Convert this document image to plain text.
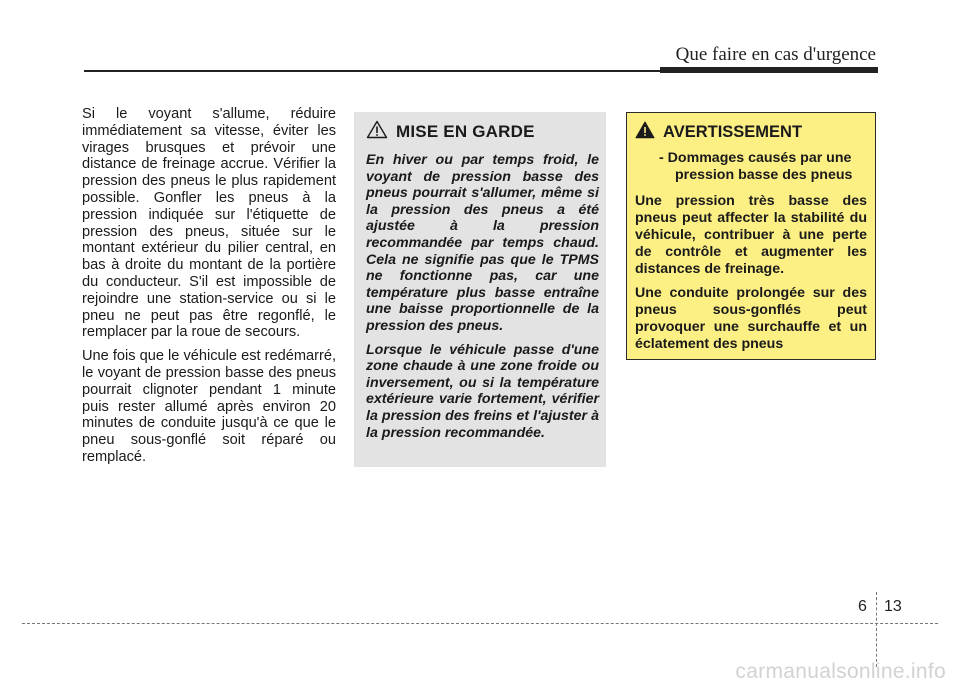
Que faire en cas d'urgence

Si le voyant s'allume, réduire immédiatement sa vitesse, éviter les virages brusques et prévoir une distance de freinage accrue. Vérifier la pression des pneus le plus rapidement possible. Gonfler les pneus à la pression indiquée sur l'étiquette de pression des pneus, située sur le montant extérieur du pilier central, en bas à droite du montant de la portière du conducteur. S'il est impossible de rejoindre une station-service ou si le pneu ne peut pas être regonflé, le remplacer par la roue de secours.

Une fois que le véhicule est redémarré, le voyant de pression basse des pneus pourrait clignoter pendant 1 minute puis rester allumé après environ 20 minutes de conduite jusqu'à ce que le pneu sous-gonflé soit réparé ou remplacé.

MISE EN GARDE

En hiver ou par temps froid, le voyant de pression basse des pneus pourrait s'allumer, même si la pression des pneus a été ajustée à la pression recommandée par temps chaud. Cela ne signifie pas que le TPMS ne fonctionne pas, car une température plus basse entraîne une baisse proportionnelle de la pression des pneus.

Lorsque le véhicule passe d'une zone chaude à une zone froide ou inversement, ou si la température extérieure varie fortement, vérifier la pression des freins et l'ajuster à la pression recommandée.

AVERTISSEMENT
- Dommages causés par une pression basse des pneus

Une pression très basse des pneus peut affecter la stabilité du véhicule, contribuer à une perte de contrôle et augmenter les distances de freinage.

Une conduite prolongée sur des pneus sous-gonflés peut provoquer une surchauffe et un éclatement des pneus

6 13
carmanualsonline.info
